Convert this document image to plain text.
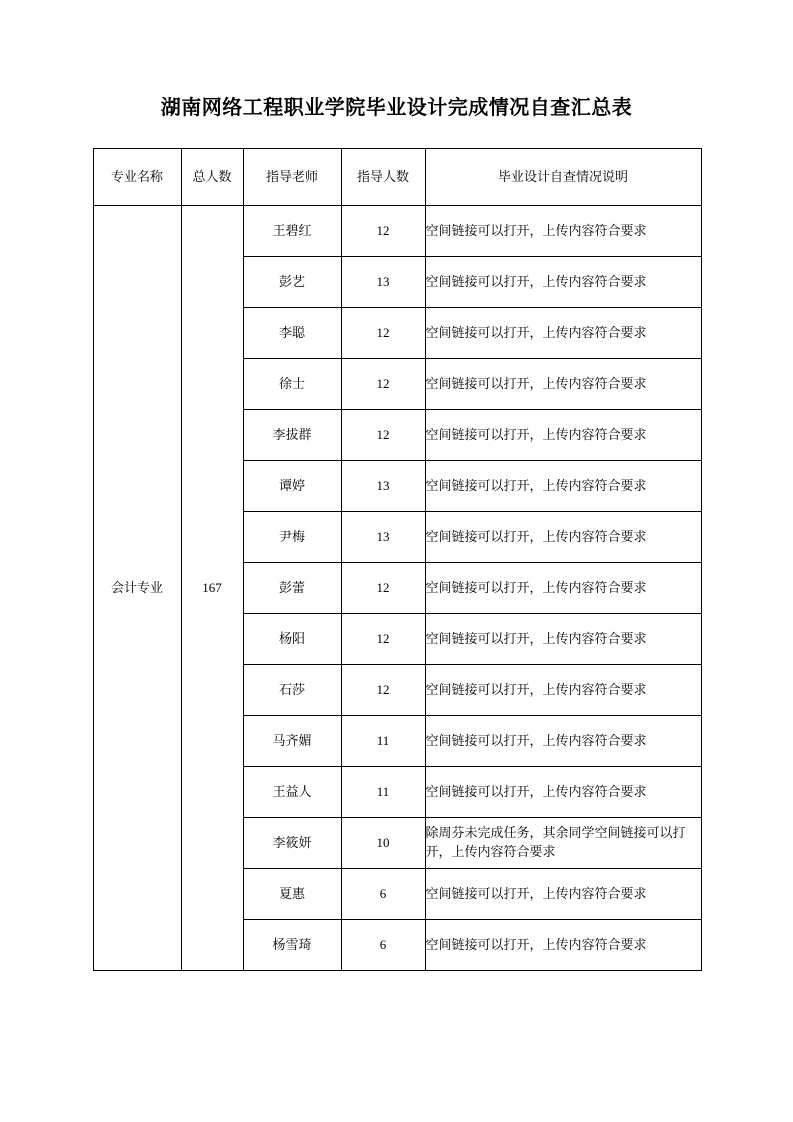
湖南网络工程职业学院毕业设计完成情况自查汇总表
专业名称	总人数	指导老师	指导人数	毕业设计自查情况说明
会计专业	167	王碧红	12	空间链接可以打开，上传内容符合要求
		彭艺	13	空间链接可以打开，上传内容符合要求
		李聪	12	空间链接可以打开，上传内容符合要求
		徐士	12	空间链接可以打开，上传内容符合要求
		李拔群	12	空间链接可以打开，上传内容符合要求
		谭婷	13	空间链接可以打开，上传内容符合要求
		尹梅	13	空间链接可以打开，上传内容符合要求
		彭蕾	12	空间链接可以打开，上传内容符合要求
		杨阳	12	空间链接可以打开，上传内容符合要求
		石莎	12	空间链接可以打开，上传内容符合要求
		马齐媚	11	空间链接可以打开，上传内容符合要求
		王益人	11	空间链接可以打开，上传内容符合要求
		李筱妍	10	除周芬未完成任务，其余同学空间链接可以打开，上传内容符合要求
		夏惠	6	空间链接可以打开，上传内容符合要求
		杨雪琦	6	空间链接可以打开，上传内容符合要求
